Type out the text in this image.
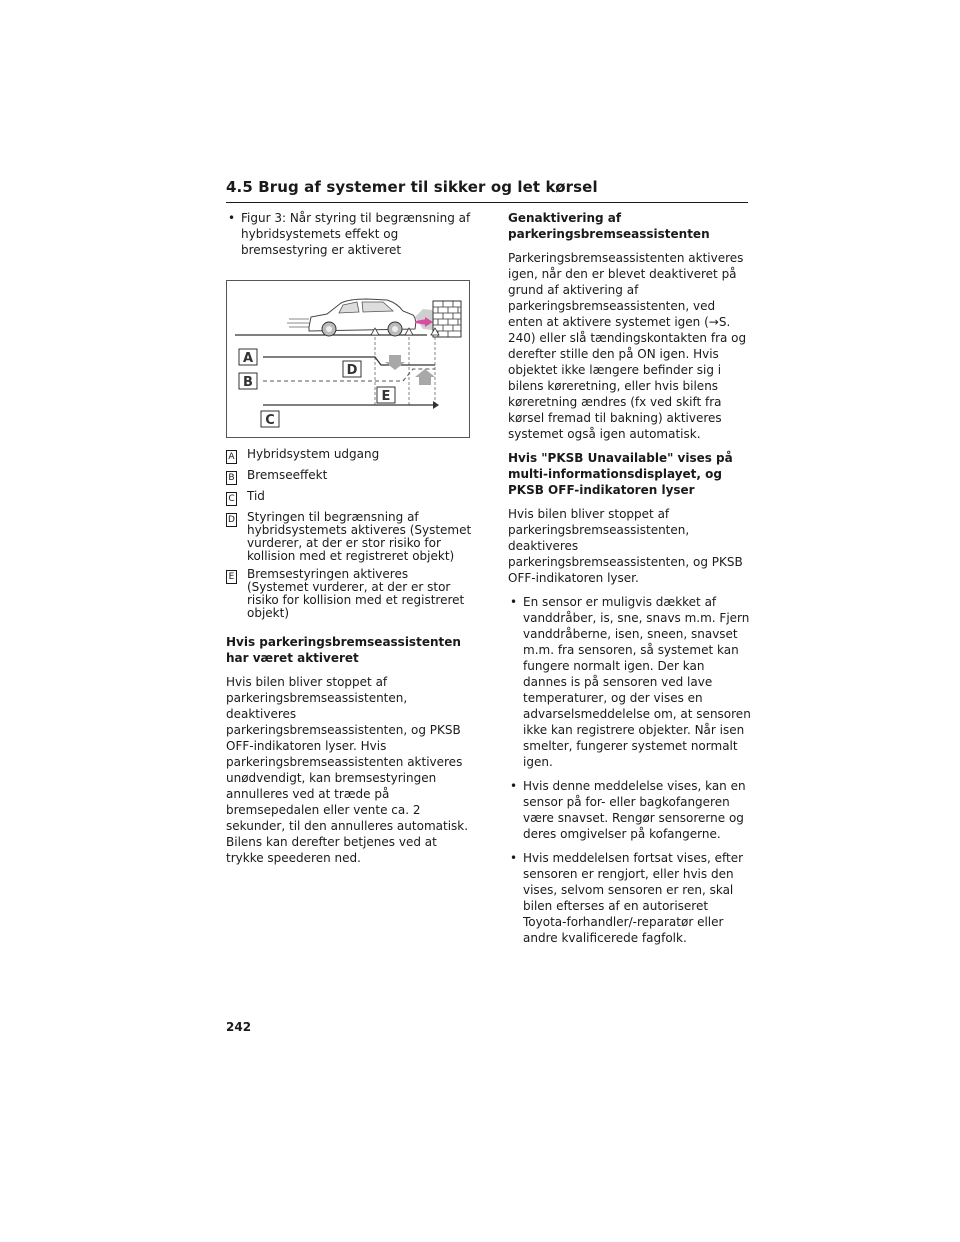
4.5 Brug af systemer til sikker og let kørsel
• Figur 3: Når styring til begrænsning af hybridsystemets effekt og bremsestyring er aktiveret
A
B
C
D
E
A Hybridsystem udgang
B Bremseeffekt
C Tid
D Styringen til begrænsning af hybridsystemets aktiveres (Systemet vurderer, at der er stor risiko for kollision med et registreret objekt)
E Bremsestyringen aktiveres (Systemet vurderer, at der er stor risiko for kollision med et registreret objekt)
Hvis parkeringsbremseassistenten har været aktiveret
Hvis bilen bliver stoppet af parkeringsbremseassistenten, deaktiveres parkeringsbremseassistenten, og PKSB OFF-indikatoren lyser. Hvis parkeringsbremseassistenten aktiveres unødvendigt, kan bremsestyringen annulleres ved at træde på bremsepedalen eller vente ca. 2 sekunder, til den annulleres automatisk. Bilens kan derefter betjenes ved at trykke speederen ned.
Genaktivering af parkeringsbremseassistenten
Parkeringsbremseassistenten aktiveres igen, når den er blevet deaktiveret på grund af aktivering af parkeringsbremseassistenten, ved enten at aktivere systemet igen (→S. 240) eller slå tændingskontakten fra og derefter stille den på ON igen. Hvis objektet ikke længere befinder sig i bilens køreretning, eller hvis bilens køreretning ændres (fx ved skift fra kørsel fremad til bakning) aktiveres systemet også igen automatisk.
Hvis "PKSB Unavailable" vises på multi-informationsdisplayet, og PKSB OFF-indikatoren lyser
Hvis bilen bliver stoppet af parkeringsbremseassistenten, deaktiveres parkeringsbremseassistenten, og PKSB OFF-indikatoren lyser.
• En sensor er muligvis dækket af vanddråber, is, sne, snavs m.m. Fjern vanddråberne, isen, sneen, snavset m.m. fra sensoren, så systemet kan fungere normalt igen. Der kan dannes is på sensoren ved lave temperaturer, og der vises en advarselsmeddelelse om, at sensoren ikke kan registrere objekter. Når isen smelter, fungerer systemet normalt igen.
• Hvis denne meddelelse vises, kan en sensor på for- eller bagkofangeren være snavset. Rengør sensorerne og deres omgivelser på kofangerne.
• Hvis meddelelsen fortsat vises, efter sensoren er rengjort, eller hvis den vises, selvom sensoren er ren, skal bilen efterses af en autoriseret Toyota-forhandler/-reparatør eller andre kvalificerede fagfolk.
242
